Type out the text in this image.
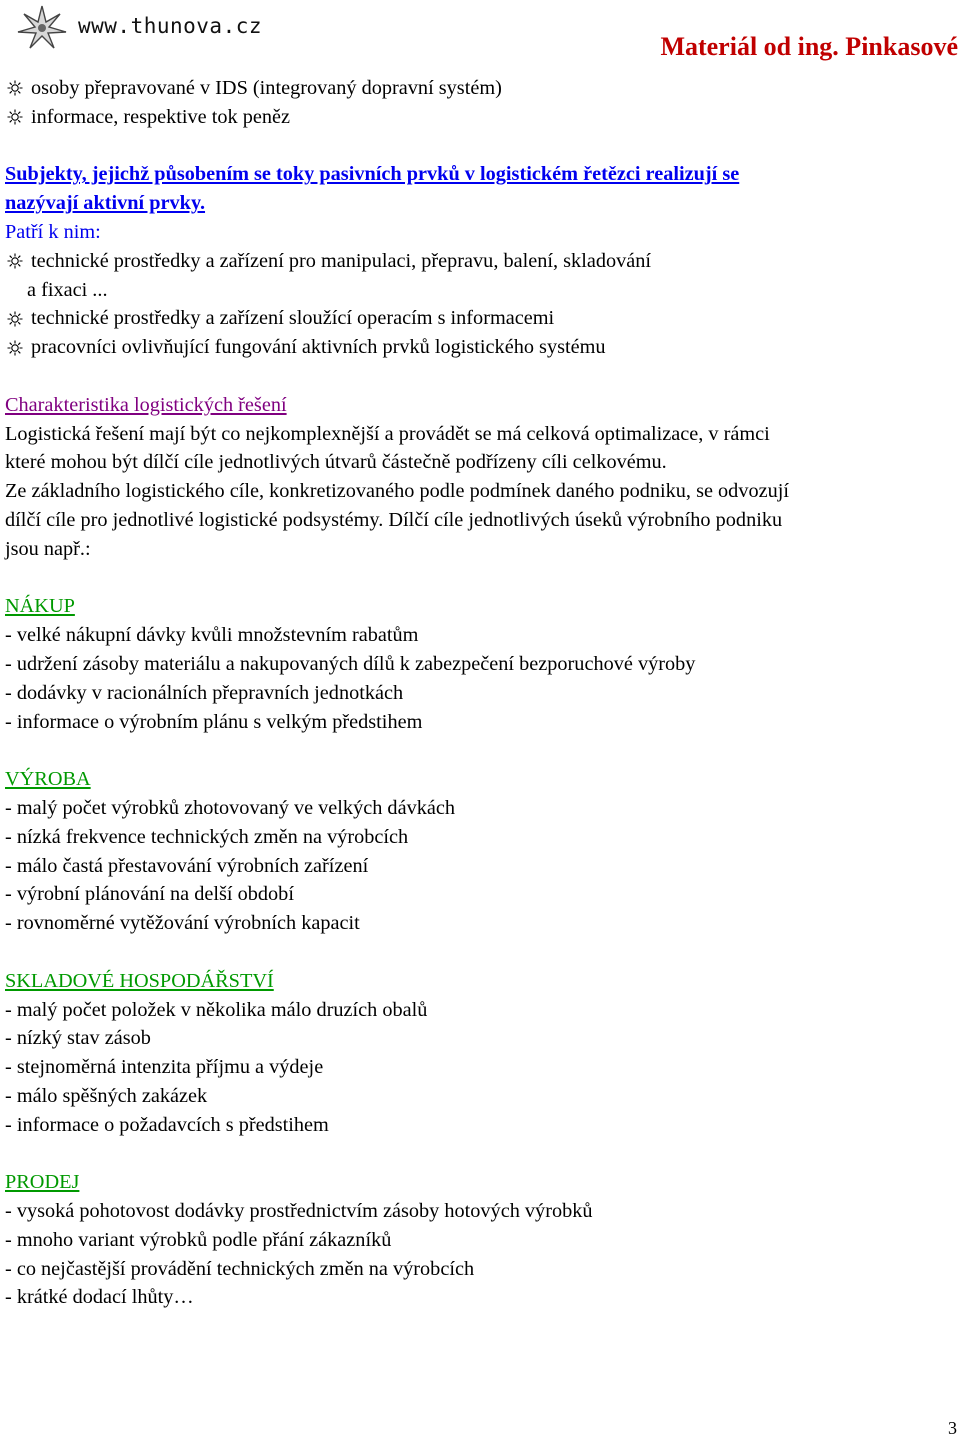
www.thunova.cz
Materiál od ing. Pinkasové
osoby přepravované v IDS (integrovaný dopravní systém)
informace, respektive tok peněz
Subjekty, jejichž působením se toky pasivních prvků v logistickém řetězci realizují se
nazývají aktivní prvky.
Patří k nim:
technické prostředky a zařízení pro manipulaci, přepravu, balení, skladování
a fixaci ...
technické prostředky a zařízení sloužící operacím s informacemi
pracovníci ovlivňující fungování aktivních prvků logistického systému
Charakteristika logistických řešení
Logistická řešení mají být co nejkomplexnější a provádět se má celková optimalizace, v rámci
které mohou být dílčí cíle jednotlivých útvarů částečně podřízeny cíli celkovému.
Ze základního logistického cíle, konkretizovaného podle podmínek daného podniku, se odvozují
dílčí cíle pro jednotlivé logistické podsystémy. Dílčí cíle jednotlivých úseků výrobního podniku
jsou např.:
NÁKUP
- velké nákupní dávky kvůli množstevním rabatům
- udržení zásoby materiálu a nakupovaných dílů k zabezpečení bezporuchové výroby
- dodávky v racionálních přepravních jednotkách
- informace o výrobním plánu s velkým předstihem
VÝROBA
- malý počet výrobků zhotovovaný ve velkých dávkách
- nízká frekvence technických změn na výrobcích
- málo častá přestavování výrobních zařízení
- výrobní plánování na delší období
- rovnoměrné vytěžování výrobních kapacit
SKLADOVÉ HOSPODÁŘSTVÍ
- malý počet položek v několika málo druzích obalů
- nízký stav zásob
- stejnoměrná intenzita příjmu a výdeje
- málo spěšných zakázek
- informace o požadavcích s předstihem
PRODEJ
- vysoká pohotovost dodávky prostřednictvím zásoby hotových výrobků
- mnoho variant výrobků podle přání zákazníků
- co nejčastější provádění technických změn na výrobcích
- krátké dodací lhůty…
3
